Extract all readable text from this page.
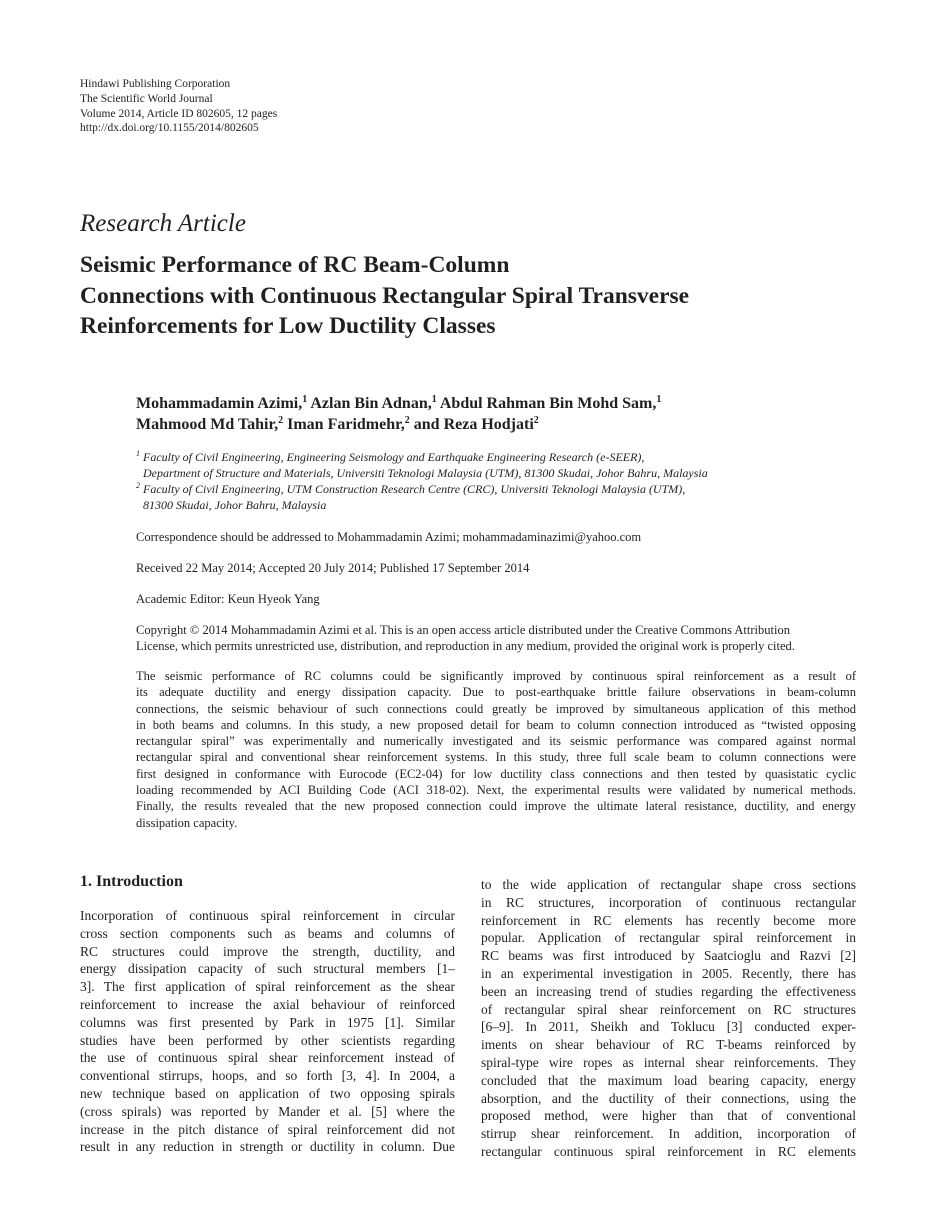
Hindawi Publishing Corporation
The Scientific World Journal
Volume 2014, Article ID 802605, 12 pages
http://dx.doi.org/10.1155/2014/802605
Research Article
Seismic Performance of RC Beam-Column
Connections with Continuous Rectangular Spiral Transverse
Reinforcements for Low Ductility Classes
Mohammadamin Azimi,$^1$ Azlan Bin Adnan,$^1$ Abdul Rahman Bin Mohd Sam,$^1$
Mahmood Md Tahir,$^2$ Iman Faridmehr,$^2$ and Reza Hodjati$^2$
$^1$ Faculty of Civil Engineering, Engineering Seismology and Earthquake Engineering Research (e-SEER),
Department of Structure and Materials, Universiti Teknologi Malaysia (UTM), 81300 Skudai, Johor Bahru, Malaysia
$^2$ Faculty of Civil Engineering, UTM Construction Research Centre (CRC), Universiti Teknologi Malaysia (UTM),
81300 Skudai, Johor Bahru, Malaysia
Correspondence should be addressed to Mohammadamin Azimi; mohammadaminazimi@yahoo.com
Received 22 May 2014; Accepted 20 July 2014; Published 17 September 2014
Academic Editor: Keun Hyeok Yang
Copyright © 2014 Mohammadamin Azimi et al. This is an open access article distributed under the Creative Commons Attribution
License, which permits unrestricted use, distribution, and reproduction in any medium, provided the original work is properly cited.
The seismic performance of RC columns could be significantly improved by continuous spiral reinforcement as a result of
its adequate ductility and energy dissipation capacity. Due to post-earthquake brittle failure observations in beam-column
connections, the seismic behaviour of such connections could greatly be improved by simultaneous application of this method
in both beams and columns. In this study, a new proposed detail for beam to column connection introduced as “twisted opposing
rectangular spiral” was experimentally and numerically investigated and its seismic performance was compared against normal
rectangular spiral and conventional shear reinforcement systems. In this study, three full scale beam to column connections were
first designed in conformance with Eurocode (EC2-04) for low ductility class connections and then tested by quasistatic cyclic
loading recommended by ACI Building Code (ACI 318-02). Next, the experimental results were validated by numerical methods.
Finally, the results revealed that the new proposed connection could improve the ultimate lateral resistance, ductility, and energy
dissipation capacity.
1. Introduction
Incorporation of continuous spiral reinforcement in circular
cross section components such as beams and columns of
RC structures could improve the strength, ductility, and
energy dissipation capacity of such structural members [1–
3]. The first application of spiral reinforcement as the shear
reinforcement to increase the axial behaviour of reinforced
columns was first presented by Park in 1975 [1]. Similar
studies have been performed by other scientists regarding
the use of continuous spiral shear reinforcement instead of
conventional stirrups, hoops, and so forth [3, 4]. In 2004, a
new technique based on application of two opposing spirals
(cross spirals) was reported by Mander et al. [5] where the
increase in the pitch distance of spiral reinforcement did not
result in any reduction in strength or ductility in column. Due
to the wide application of rectangular shape cross sections
in RC structures, incorporation of continuous rectangular
reinforcement in RC elements has recently become more
popular. Application of rectangular spiral reinforcement in
RC beams was first introduced by Saatcioglu and Razvi [2]
in an experimental investigation in 2005. Recently, there has
been an increasing trend of studies regarding the effectiveness
of rectangular spiral shear reinforcement on RC structures
[6–9]. In 2011, Sheikh and Toklucu [3] conducted exper-
iments on shear behaviour of RC T-beams reinforced by
spiral-type wire ropes as internal shear reinforcements. They
concluded that the maximum load bearing capacity, energy
absorption, and the ductility of their connections, using the
proposed method, were higher than that of conventional
stirrup shear reinforcement. In addition, incorporation of
rectangular continuous spiral reinforcement in RC elements
